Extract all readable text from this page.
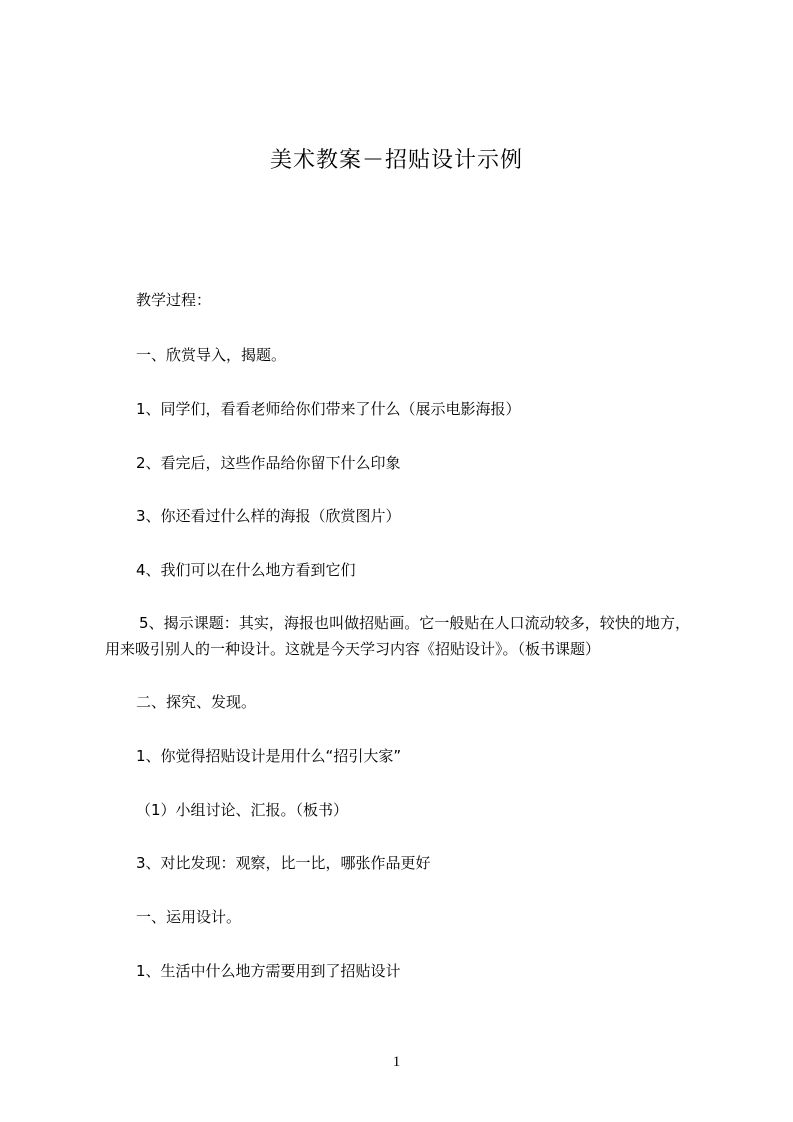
美术教案－招贴设计示例

教学过程：

一、欣赏导入，揭题。

1、同学们，看看老师给你们带来了什么（展示电影海报）

2、看完后，这些作品给你留下什么印象

3、你还看过什么样的海报（欣赏图片）

4、我们可以在什么地方看到它们

5、揭示课题：其实，海报也叫做招贴画。它一般贴在人口流动较多，较快的地方，用来吸引别人的一种设计。这就是今天学习内容《招贴设计》。（板书课题）

二、探究、发现。

1、你觉得招贴设计是用什么“招引大家”

（1）小组讨论、汇报。（板书）

3、对比发现：观察，比一比，哪张作品更好

一、运用设计。

1、生活中什么地方需要用到了招贴设计

1
